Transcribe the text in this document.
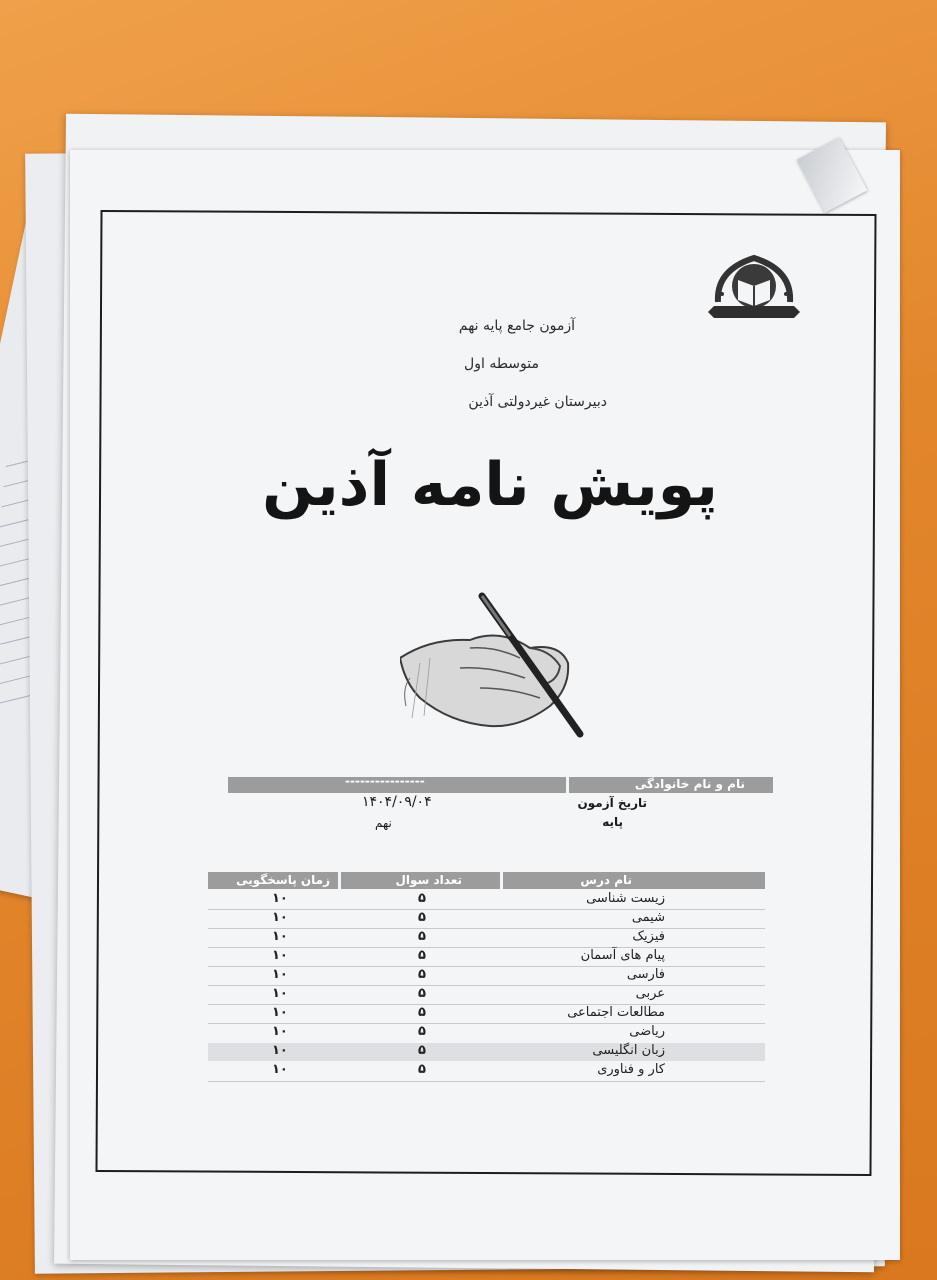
آزمون جامع پایه نهم
متوسطه اول
دبیرستان غیردولتی آذین
پویش نامه آذین
نام و نام خانوادگی
----------------
تاریخ آزمون
۱۴۰۴/۰۹/۰۴
پایه
نهم
نام درس
تعداد سوال
زمان پاسخگویی
زیست شناسی
۵
۱۰
شیمی
۵
۱۰
فیزیک
۵
۱۰
پیام های آسمان
۵
۱۰
فارسی
۵
۱۰
عربی
۵
۱۰
مطالعات اجتماعی
۵
۱۰
ریاضی
۵
۱۰
زبان انگلیسی
۵
۱۰
کار و فناوری
۵
۱۰
